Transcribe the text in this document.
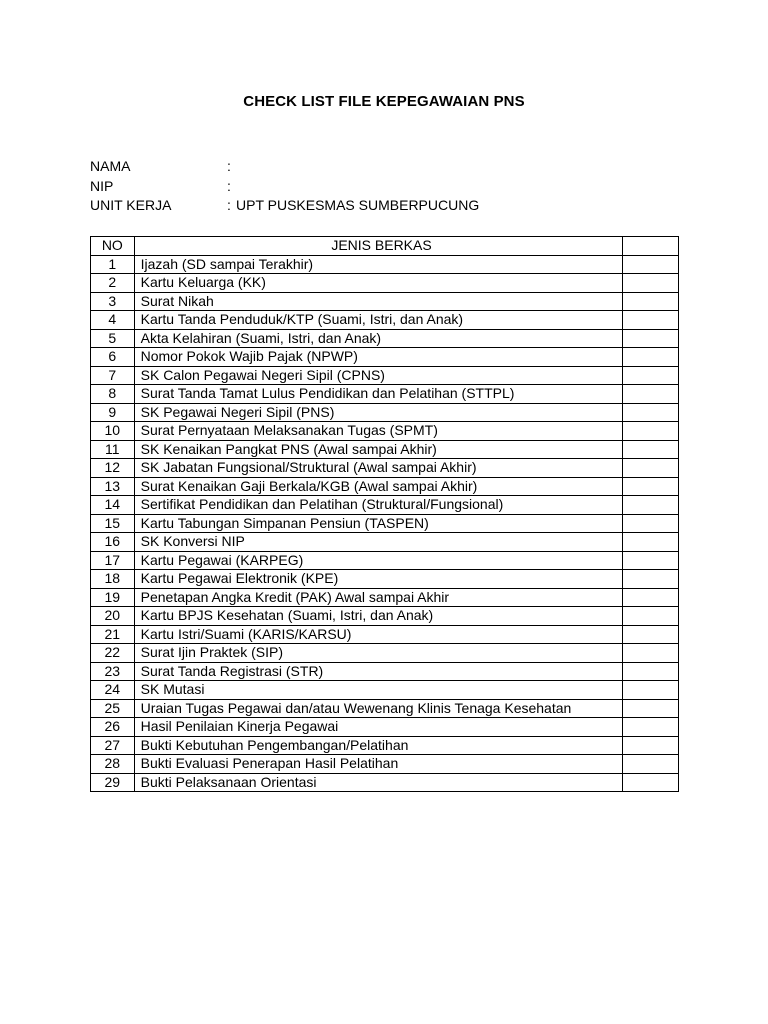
CHECK LIST FILE KEPEGAWAIAN PNS
NAMA	:
NIP	:
UNIT KERJA	: UPT PUSKESMAS SUMBERPUCUNG
NO	JENIS BERKAS	
1	Ijazah (SD sampai Terakhir)	
2	Kartu Keluarga (KK)	
3	Surat Nikah	
4	Kartu Tanda Penduduk/KTP (Suami, Istri, dan Anak)	
5	Akta Kelahiran (Suami, Istri, dan Anak)	
6	Nomor Pokok Wajib Pajak (NPWP)	
7	SK Calon Pegawai Negeri Sipil (CPNS)	
8	Surat Tanda Tamat Lulus Pendidikan dan Pelatihan (STTPL)	
9	SK Pegawai Negeri Sipil (PNS)	
10	Surat Pernyataan Melaksanakan Tugas (SPMT)	
11	SK Kenaikan Pangkat PNS (Awal sampai Akhir)	
12	SK Jabatan Fungsional/Struktural (Awal sampai Akhir)	
13	Surat Kenaikan Gaji Berkala/KGB (Awal sampai Akhir)	
14	Sertifikat Pendidikan dan Pelatihan (Struktural/Fungsional)	
15	Kartu Tabungan Simpanan Pensiun (TASPEN)	
16	SK Konversi NIP	
17	Kartu Pegawai (KARPEG)	
18	Kartu Pegawai Elektronik (KPE)	
19	Penetapan Angka Kredit (PAK) Awal sampai Akhir	
20	Kartu BPJS Kesehatan (Suami, Istri, dan Anak)	
21	Kartu Istri/Suami (KARIS/KARSU)	
22	Surat Ijin Praktek (SIP)	
23	Surat Tanda Registrasi (STR)	
24	SK Mutasi	
25	Uraian Tugas Pegawai dan/atau Wewenang Klinis Tenaga Kesehatan	
26	Hasil Penilaian Kinerja Pegawai	
27	Bukti Kebutuhan Pengembangan/Pelatihan	
28	Bukti Evaluasi Penerapan Hasil Pelatihan	
29	Bukti Pelaksanaan Orientasi	
